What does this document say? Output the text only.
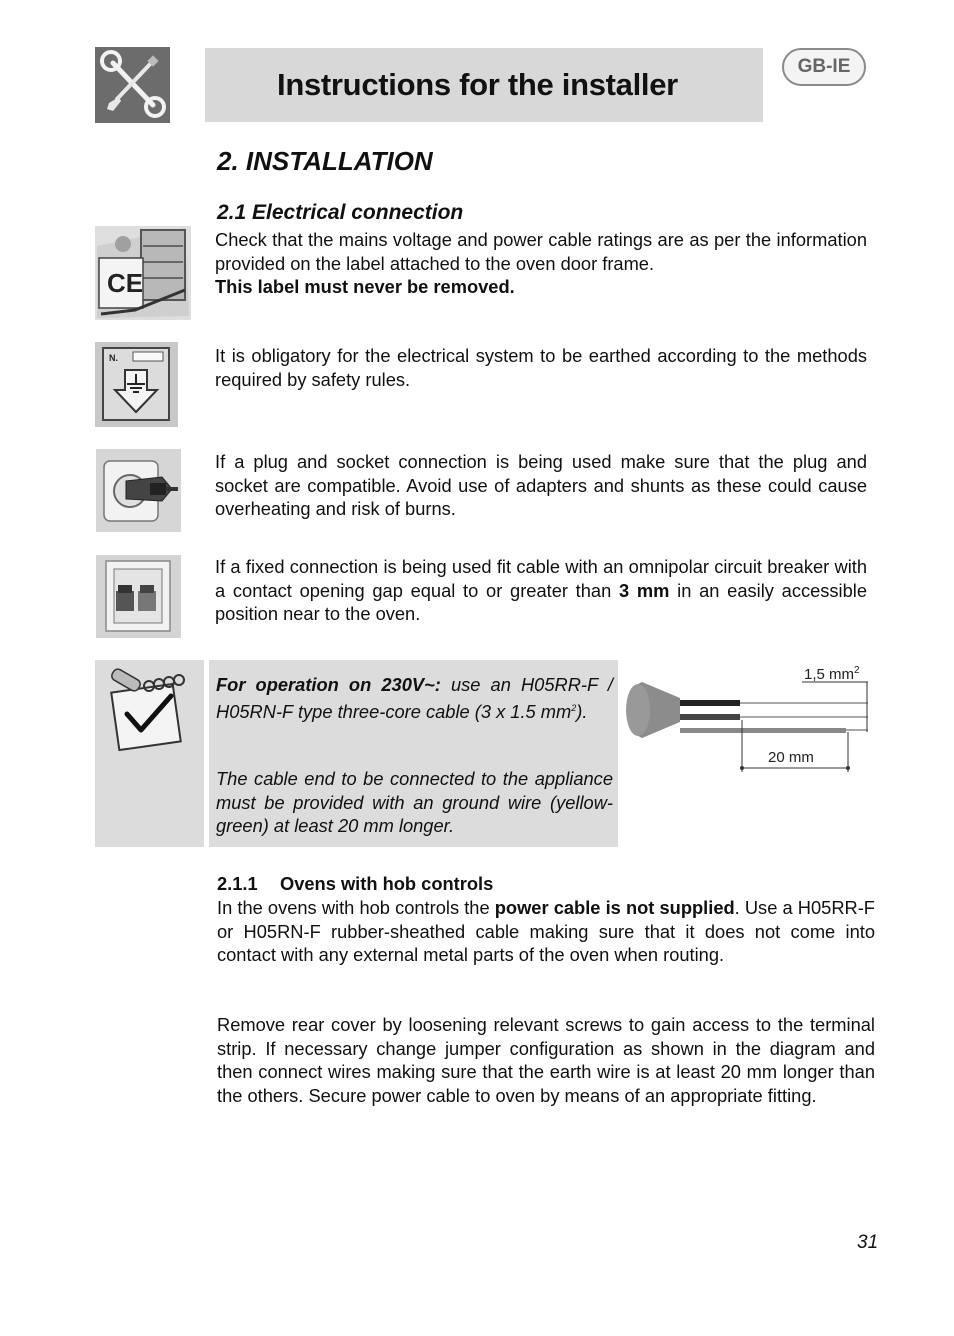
Instructions for the installer
GB-IE
2. INSTALLATION
2.1 Electrical connection
CE

Check that the mains voltage and power cable ratings are as per the information provided on the label attached to the oven door frame.
This label must never be removed.

N.	It is obligatory for the electrical system to be earthed according to the methods required by safety rules.

If a plug and socket connection is being used make sure that the plug and socket are compatible. Avoid use of adapters and shunts as these could cause overheating and risk of burns.

If a fixed connection is being used fit cable with an omnipolar circuit breaker with a contact opening gap equal to or greater than 3 mm in an easily accessible position near to the oven.

For operation on 230V~: use an H05RR-F / H05RN-F type three-core cable (3 x 1.5 $mm^2$).

The cable end to be connected to the appliance must be provided with an ground wire (yellow-green) at least 20 mm longer.

1,5 $mm^2$
20 mm
2.1.1 Ovens with hob controls

In the ovens with hob controls the power cable is not supplied. Use a H05RR-F or H05RN-F rubber-sheathed cable making sure that it does not come into contact with any external metal parts of the oven when routing.

Remove rear cover by loosening relevant screws to gain access to the terminal strip. If necessary change jumper configuration as shown in the diagram and then connect wires making sure that the earth wire is at least 20 mm longer than the others. Secure power cable to oven by means of an appropriate fitting.

31
